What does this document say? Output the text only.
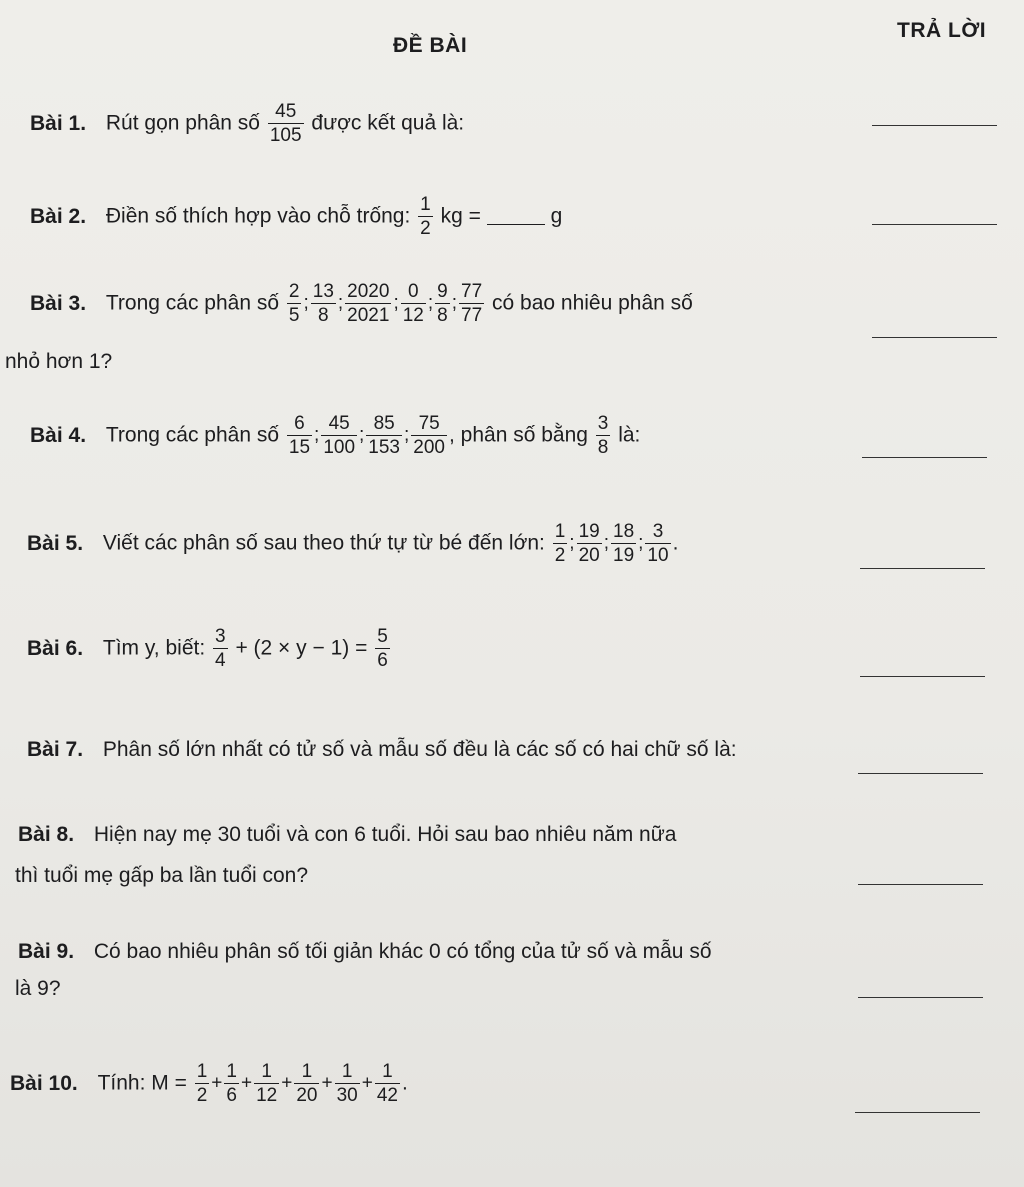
ĐỀ BÀI
TRẢ LỜI
Bài 1. Rút gọn phân số $\frac{45}{105}$ được kết quả là:
Bài 2. Điền số thích hợp vào chỗ trống: $\frac{1}{2}$ kg =	g
Bài 3. Trong các phân số $\frac{2}{5}$ ; $\frac{13}{8}$ ; $\frac{2020}{2021}$ ; $\frac{0}{12}$ ; $\frac{9}{8}$ ; $\frac{77}{77}$ có bao nhiêu phân số
nhỏ hơn 1?
Bài 4. Trong các phân số $\frac{6}{15}$ ; $\frac{45}{100}$ ; $\frac{85}{153}$ ; $\frac{75}{200}$ , phân số bằng $\frac{3}{8}$ là:
Bài 5. Viết các phân số sau theo thứ tự từ bé đến lớn: $\frac{1}{2}$ ; $\frac{19}{20}$ ; $\frac{18}{19}$ ; $\frac{3}{10}$ .
Bài 6. Tìm y, biết: $\frac{3}{4} + (2 \times y - 1) = \frac{5}{6}$
Bài 7. Phân số lớn nhất có tử số và mẫu số đều là các số có hai chữ số là:
Bài 8. Hiện nay mẹ 30 tuổi và con 6 tuổi. Hỏi sau bao nhiêu năm nữa
thì tuổi mẹ gấp ba lần tuổi con?
Bài 9. Có bao nhiêu phân số tối giản khác 0 có tổng của tử số và mẫu số
là 9?
Bài 10. Tính: $M = \frac{1}{2} + \frac{1}{6} + \frac{1}{12} + \frac{1}{20} + \frac{1}{30} + \frac{1}{42}$ .
